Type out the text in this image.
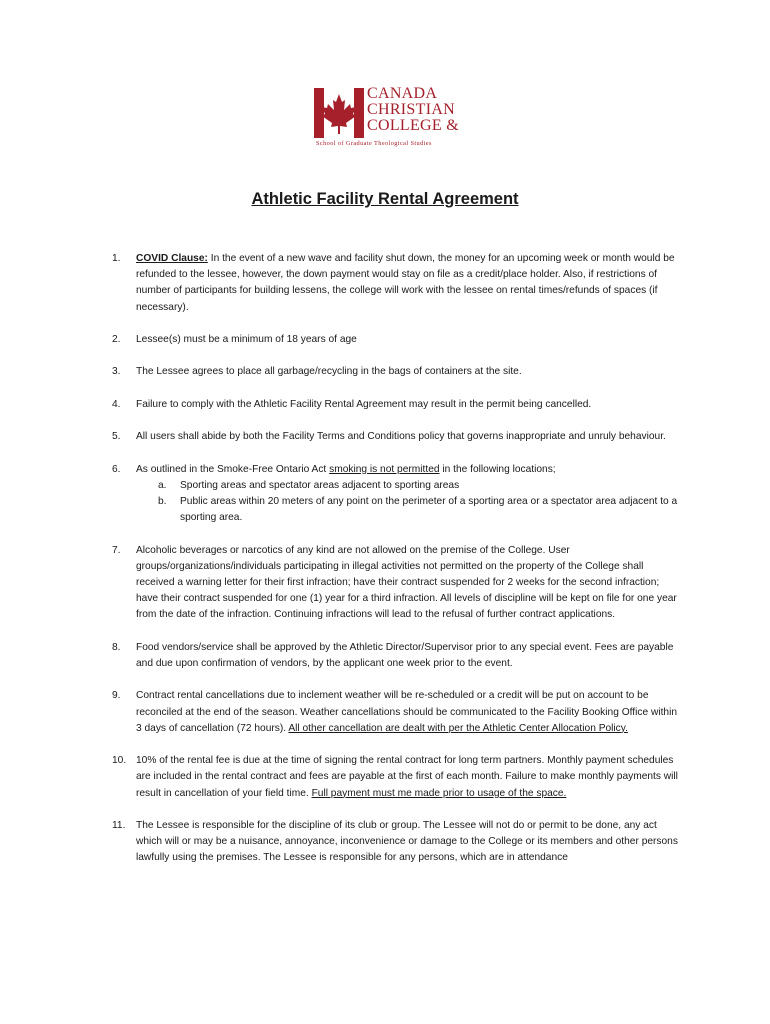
CANADA
CHRISTIAN
COLLEGE &
School of Graduate Theological Studies
Athletic Facility Rental Agreement
1.	COVID Clause: In the event of a new wave and facility shut down, the money for an upcoming week or month would be refunded to the lessee, however, the down payment would stay on file as a credit/place holder. Also, if restrictions of number of participants for building lessens, the college will work with the lessee on rental times/refunds of spaces (if necessary).
2.	Lessee(s) must be a minimum of 18 years of age
3.	The Lessee agrees to place all garbage/recycling in the bags of containers at the site.
4.	Failure to comply with the Athletic Facility Rental Agreement may result in the permit being cancelled.
5.	All users shall abide by both the Facility Terms and Conditions policy that governs inappropriate and unruly behaviour.
6.	As outlined in the Smoke-Free Ontario Act smoking is not permitted in the following locations;
a.	Sporting areas and spectator areas adjacent to sporting areas
b.	Public areas within 20 meters of any point on the perimeter of a sporting area or a spectator area adjacent to a sporting area.
7.	Alcoholic beverages or narcotics of any kind are not allowed on the premise of the College. User groups/organizations/individuals participating in illegal activities not permitted on the property of the College shall received a warning letter for their first infraction; have their contract suspended for 2 weeks for the second infraction; have their contract suspended for one (1) year for a third infraction. All levels of discipline will be kept on file for one year from the date of the infraction. Continuing infractions will lead to the refusal of further contract applications.
8.	Food vendors/service shall be approved by the Athletic Director/Supervisor prior to any special event. Fees are payable and due upon confirmation of vendors, by the applicant one week prior to the event.
9.	Contract rental cancellations due to inclement weather will be re-scheduled or a credit will be put on account to be reconciled at the end of the season. Weather cancellations should be communicated to the Facility Booking Office within 3 days of cancellation (72 hours). All other cancellation are dealt with per the Athletic Center Allocation Policy.
10. 10% of the rental fee is due at the time of signing the rental contract for long term partners. Monthly payment schedules are included in the rental contract and fees are payable at the first of each month. Failure to make monthly payments will result in cancellation of your field time. Full payment must me made prior to usage of the space.
11.	The Lessee is responsible for the discipline of its club or group. The Lessee will not do or permit to be done, any act which will or may be a nuisance, annoyance, inconvenience or damage to the College or its members and other persons lawfully using the premises. The Lessee is responsible for any persons, which are in attendance
